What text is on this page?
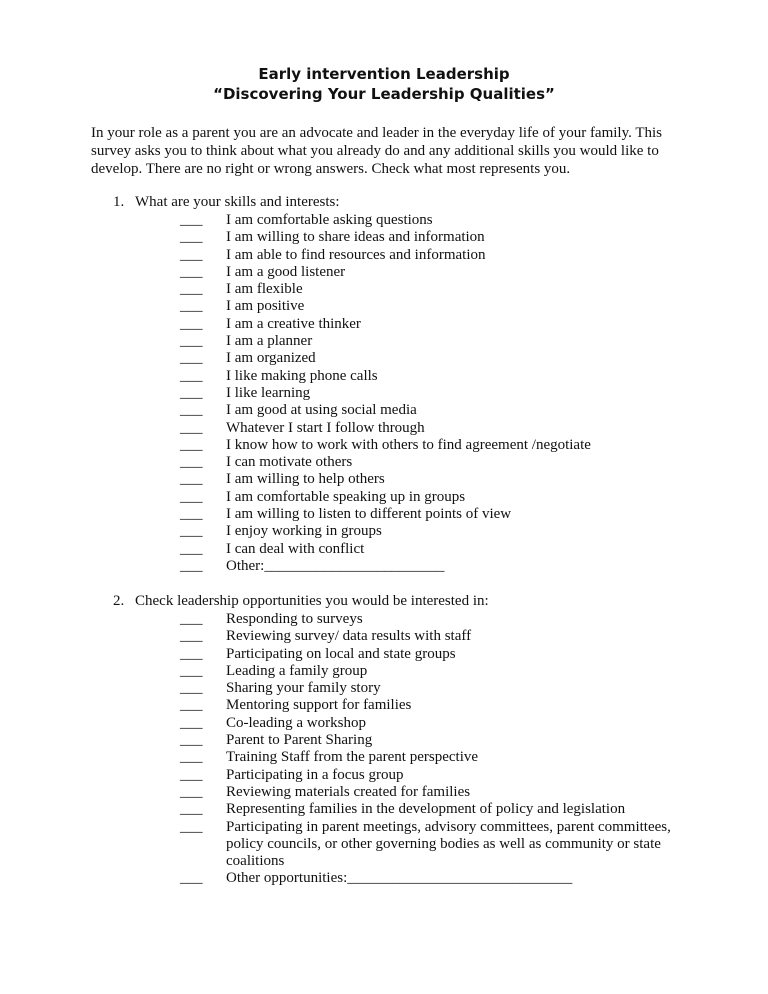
Early intervention Leadership
“Discovering Your Leadership Qualities”
In your role as a parent you are an advocate and leader in the everyday life of your family. This survey asks you to think about what you already do and any additional skills you would like to develop. There are no right or wrong answers. Check what most represents you.
1. What are your skills and interests:
___	I am comfortable asking questions
___	I am willing to share ideas and information
___	I am able to find resources and information
___	I am a good listener
___	I am flexible
___	I am positive
___	I am a creative thinker
___	I am a planner
___	I am organized
___	I like making phone calls
___	I like learning
___	I am good at using social media
___	Whatever I start I follow through
___	I know how to work with others to find agreement /negotiate
___	I can motivate others
___	I am willing to help others
___	I am comfortable speaking up in groups
___	I am willing to listen to different points of view
___	I enjoy working in groups
___	I can deal with conflict
___	Other:________________________
2. Check leadership opportunities you would be interested in:
___	Responding to surveys
___	Reviewing survey/ data results with staff
___	Participating on local and state groups
___	Leading a family group
___	Sharing your family story
___	Mentoring support for families
___	Co-leading a workshop
___	Parent to Parent Sharing
___	Training Staff from the parent perspective
___	Participating in a focus group
___	Reviewing materials created for families
___	Representing families in the development of policy and legislation
___	Participating in parent meetings, advisory committees, parent committees, policy councils, or other governing bodies as well as community or state coalitions
___	Other opportunities:______________________________
